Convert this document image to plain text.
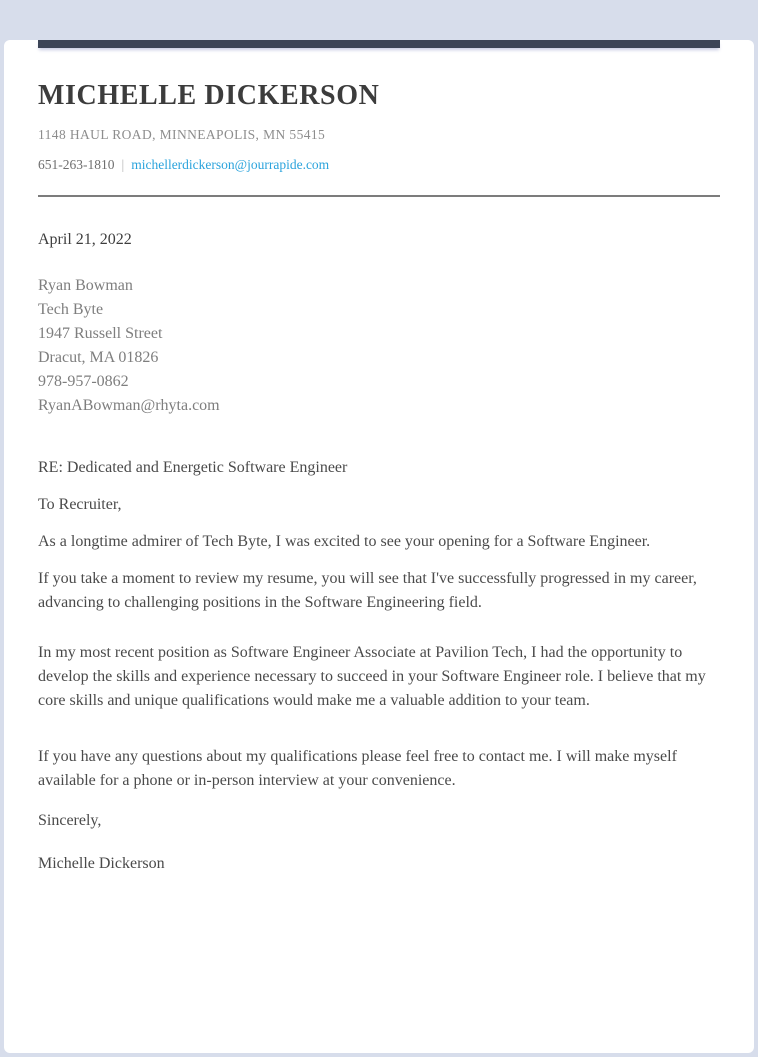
MICHELLE DICKERSON
1148 HAUL ROAD, MINNEAPOLIS, MN 55415
651-263-1810 | michellerdickerson@jourrapide.com

April 21, 2022

Ryan Bowman
Tech Byte
1947 Russell Street
Dracut, MA 01826
978-957-0862
RyanABowman@rhyta.com

RE: Dedicated and Energetic Software Engineer

To Recruiter,

As a longtime admirer of Tech Byte, I was excited to see your opening for a Software Engineer.

If you take a moment to review my resume, you will see that I've successfully progressed in my career, advancing to challenging positions in the Software Engineering field.

In my most recent position as Software Engineer Associate at Pavilion Tech, I had the opportunity to develop the skills and experience necessary to succeed in your Software Engineer role. I believe that my core skills and unique qualifications would make me a valuable addition to your team.

If you have any questions about my qualifications please feel free to contact me. I will make myself available for a phone or in-person interview at your convenience.

Sincerely,

Michelle Dickerson
